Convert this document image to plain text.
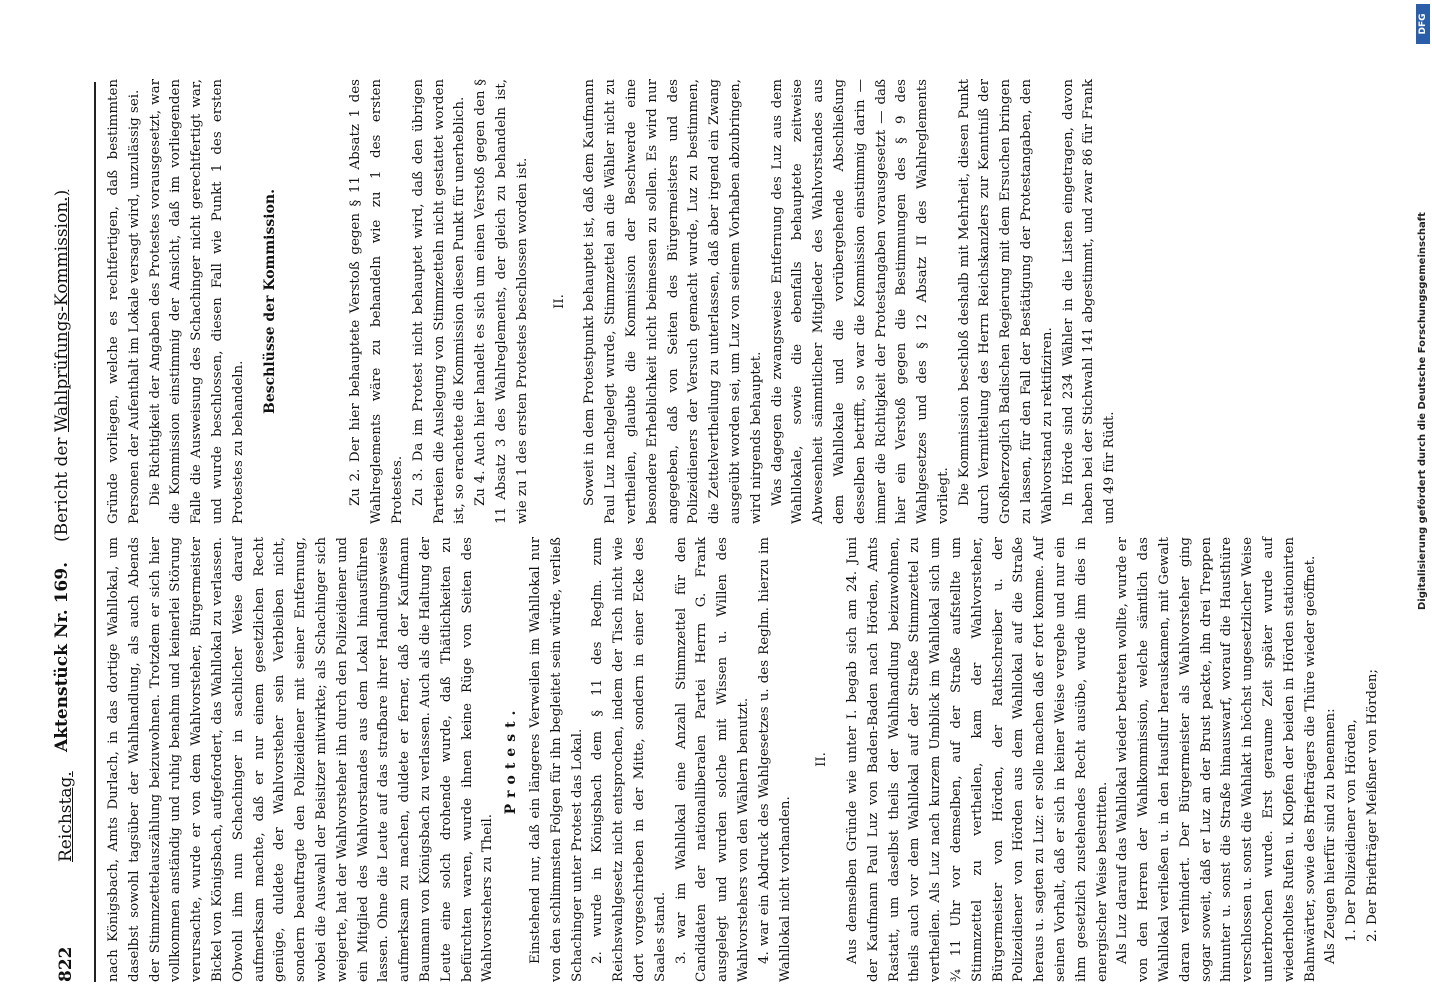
822
Reichstag.
Aktenstück Nr. 169.
(Bericht der Wahlprüfungs-Kommission.)

nach Königsbach, Amts Durlach, in das dortige Wahllokal, um daselbst sowohl tagsüber der Wahlhandlung, als auch Abends der Stimmzettelauszählung beizuwohnen. Trotzdem er sich hier vollkommen anständig und ruhig benahm und keinerlei Störung verursachte, wurde er von dem Wahlvorsteher, Bürgermeister Bickel von Königsbach, aufgefordert, das Wahllokal zu verlassen. Obwohl ihm nun Schachinger in sachlicher Weise darauf aufmerksam machte, daß er nur einem gesetzlichen Recht genüge, duldete der Wahlvorsteher sein Verbleiben nicht, sondern beauftragte den Polizeidiener mit seiner Entfernung, wobei die Auswahl der Beisitzer mitwirkte; als Schachinger sich weigerte, hat der Wahlvorsteher ihn durch den Polizeidiener und ein Mitglied des Wahlvorstandes aus dem Lokal hinausführen lassen. Ohne die Leute auf das strafbare ihrer Handlungsweise aufmerksam zu machen, duldete er ferner, daß der Kaufmann Baumann von Königsbach zu verlassen. Auch als die Haltung der Leute eine solch drohende wurde, daß Thätlichkeiten zu befürchten waren, wurde ihnen keine Rüge von Seiten des Wahlvorstehers zu Theil.

Protest. Einstehend nur, daß ein längeres Verweilen im Wahllokal nur von den schlimmsten Folgen für ihn begleitet sein würde, verließ Schachinger unter Protest das Lokal. 2. wurde in Königsbach dem § 11 des Reglm. zum Reichswahlgesetz nicht entsprochen, indem der Tisch nicht wie dort vorgeschrieben in der Mitte, sondern in einer Ecke des Saales stand. 3. war im Wahllokal eine Anzahl Stimmzettel für den Candidaten der nationalliberalen Partei Herrn G. Frank ausgelegt und wurden solche mit Wissen u. Willen des Wahlvorstehers von den Wählern benutzt. 4. war ein Abdruck des Wahlgesetzes u. des Reglm. hierzu im Wahllokal nicht vorhanden.

II. Aus demselben Gründe wie unter I. begab sich am 24. Juni der Kaufmann Paul Luz von Baden-Baden nach Hörden, Amts Rastatt, um daselbst theils der Wahlhandlung beizuwohnen, theils auch vor dem Wahllokal auf der Straße Stimmzettel zu vertheilen. Als Luz nach kurzem Umblick im Wahllokal sich um ¾ 11 Uhr vor demselben, auf der Straße aufstellte um Stimmzettel zu vertheilen, kam der Wahlvorsteher, Bürgermeister von Hörden, der Rathschreiber u. der Polizeidiener von Hörden aus dem Wahllokal auf die Straße heraus u. sagten zu Luz: er solle machen daß er fort komme. Auf seinen Vorhalt, daß er sich in keiner Weise vergehe und nur ein ihm gesetzlich zustehendes Recht ausübe, wurde ihm dies in energischer Weise bestritten. Als Luz darauf das Wahllokal wieder betreten wollte, wurde er von den Herren der Wahlkommission, welche sämtlich das Wahllokal verließen u. in den Hausflur herauskamen, mit Gewalt daran verhindert. Der Bürgermeister als Wahlvorsteher ging sogar soweit, daß er Luz an der Brust packte, ihn drei Treppen hinunter u. sonst die Straße hinauswarf, worauf die Hausthüre verschlossen u. sonst die Wahlakt in höchst ungesetzlicher Weise unterbrochen wurde. Erst geraume Zeit später wurde auf wiederholtes Rufen u. Klopfen der beiden in Hörden stationirten Bahnwärter, sowie des Briefträgers die Thüre wieder geöffnet. Als Zeugen hierfür sind zu benennen: 1. Der Polizeidiener von Hörden, 2. Der Briefträger Meißner von Hörden;

Gründe vorliegen, welche es rechtfertigen, daß bestimmten Personen der Aufenthalt im Lokale versagt wird, unzulässig sei. Die Richtigkeit der Angaben des Protestes vorausgesetzt, war die Kommission einstimmig der Ansicht, daß im vorliegenden Falle die Ausweisung des Schachinger nicht gerechtfertigt war, und wurde beschlossen, diesen Fall wie Punkt 1 des ersten Protestes zu behandeln.

Beschlüsse der Kommission.	Zu 2. Der hier behauptete Verstoß gegen § 11 Absatz 1 des Wahlreglements wäre zu behandeln wie zu 1 des ersten Protestes. Zu 3. Da im Protest nicht behauptet wird, daß den übrigen Parteien die Auslegung von Stimmzetteln nicht gestattet worden ist, so erachtete die Kommission diesen Punkt für unerheblich. Zu 4. Auch hier handelt es sich um einen Verstoß gegen den § 11 Absatz 3 des Wahlreglements, der gleich zu behandeln ist, wie zu 1 des ersten Protestes beschlossen worden ist. II. Soweit in dem Protestpunkt behauptet ist, daß dem Kaufmann Paul Luz nachgelegt wurde, Stimmzettel an die Wähler nicht zu vertheilen, glaubte die Kommission der Beschwerde eine besondere Erheblichkeit nicht beimessen zu sollen. Es wird nur angegeben, daß von Seiten des Bürgermeisters und des Polizeidieners der Versuch gemacht wurde, Luz zu bestimmen, die Zettelvertheilung zu unterlassen, daß aber irgend ein Zwang ausgeübt worden sei, um Luz von seinem Vorhaben abzubringen, wird nirgends behauptet. Was dagegen die zwangsweise Entfernung des Luz aus dem Wahllokale, sowie die ebenfalls behauptete zeitweise Abwesenheit sämmtlicher Mitglieder des Wahlvorstandes aus dem Wahllokale und die vorübergehende Abschließung desselben betrifft, so war die Kommission einstimmig darin — immer die Richtigkeit der Protestangaben vorausgesetzt — daß hier ein Verstoß gegen die Bestimmungen des § 9 des Wahlgesetzes und des § 12 Absatz II des Wahlreglements vorliegt. Die Kommission beschloß deshalb mit Mehrheit, diesen Punkt durch Vermittelung des Herrn Reichskanzlers zur Kenntniß der Großherzoglich Badischen Regierung mit dem Ersuchen bringen zu lassen, für den Fall der Bestätigung der Protestangaben, den Wahlvorstand zu rektifiziren. In Hörde sind 234 Wähler in die Listen eingetragen, davon haben bei der Stichwahl 141 abgestimmt, und zwar 86 für Frank und 49 für Rüdt.

DFG
Digitalisierung gefördert durch die Deutsche Forschungsgemeinschaft
